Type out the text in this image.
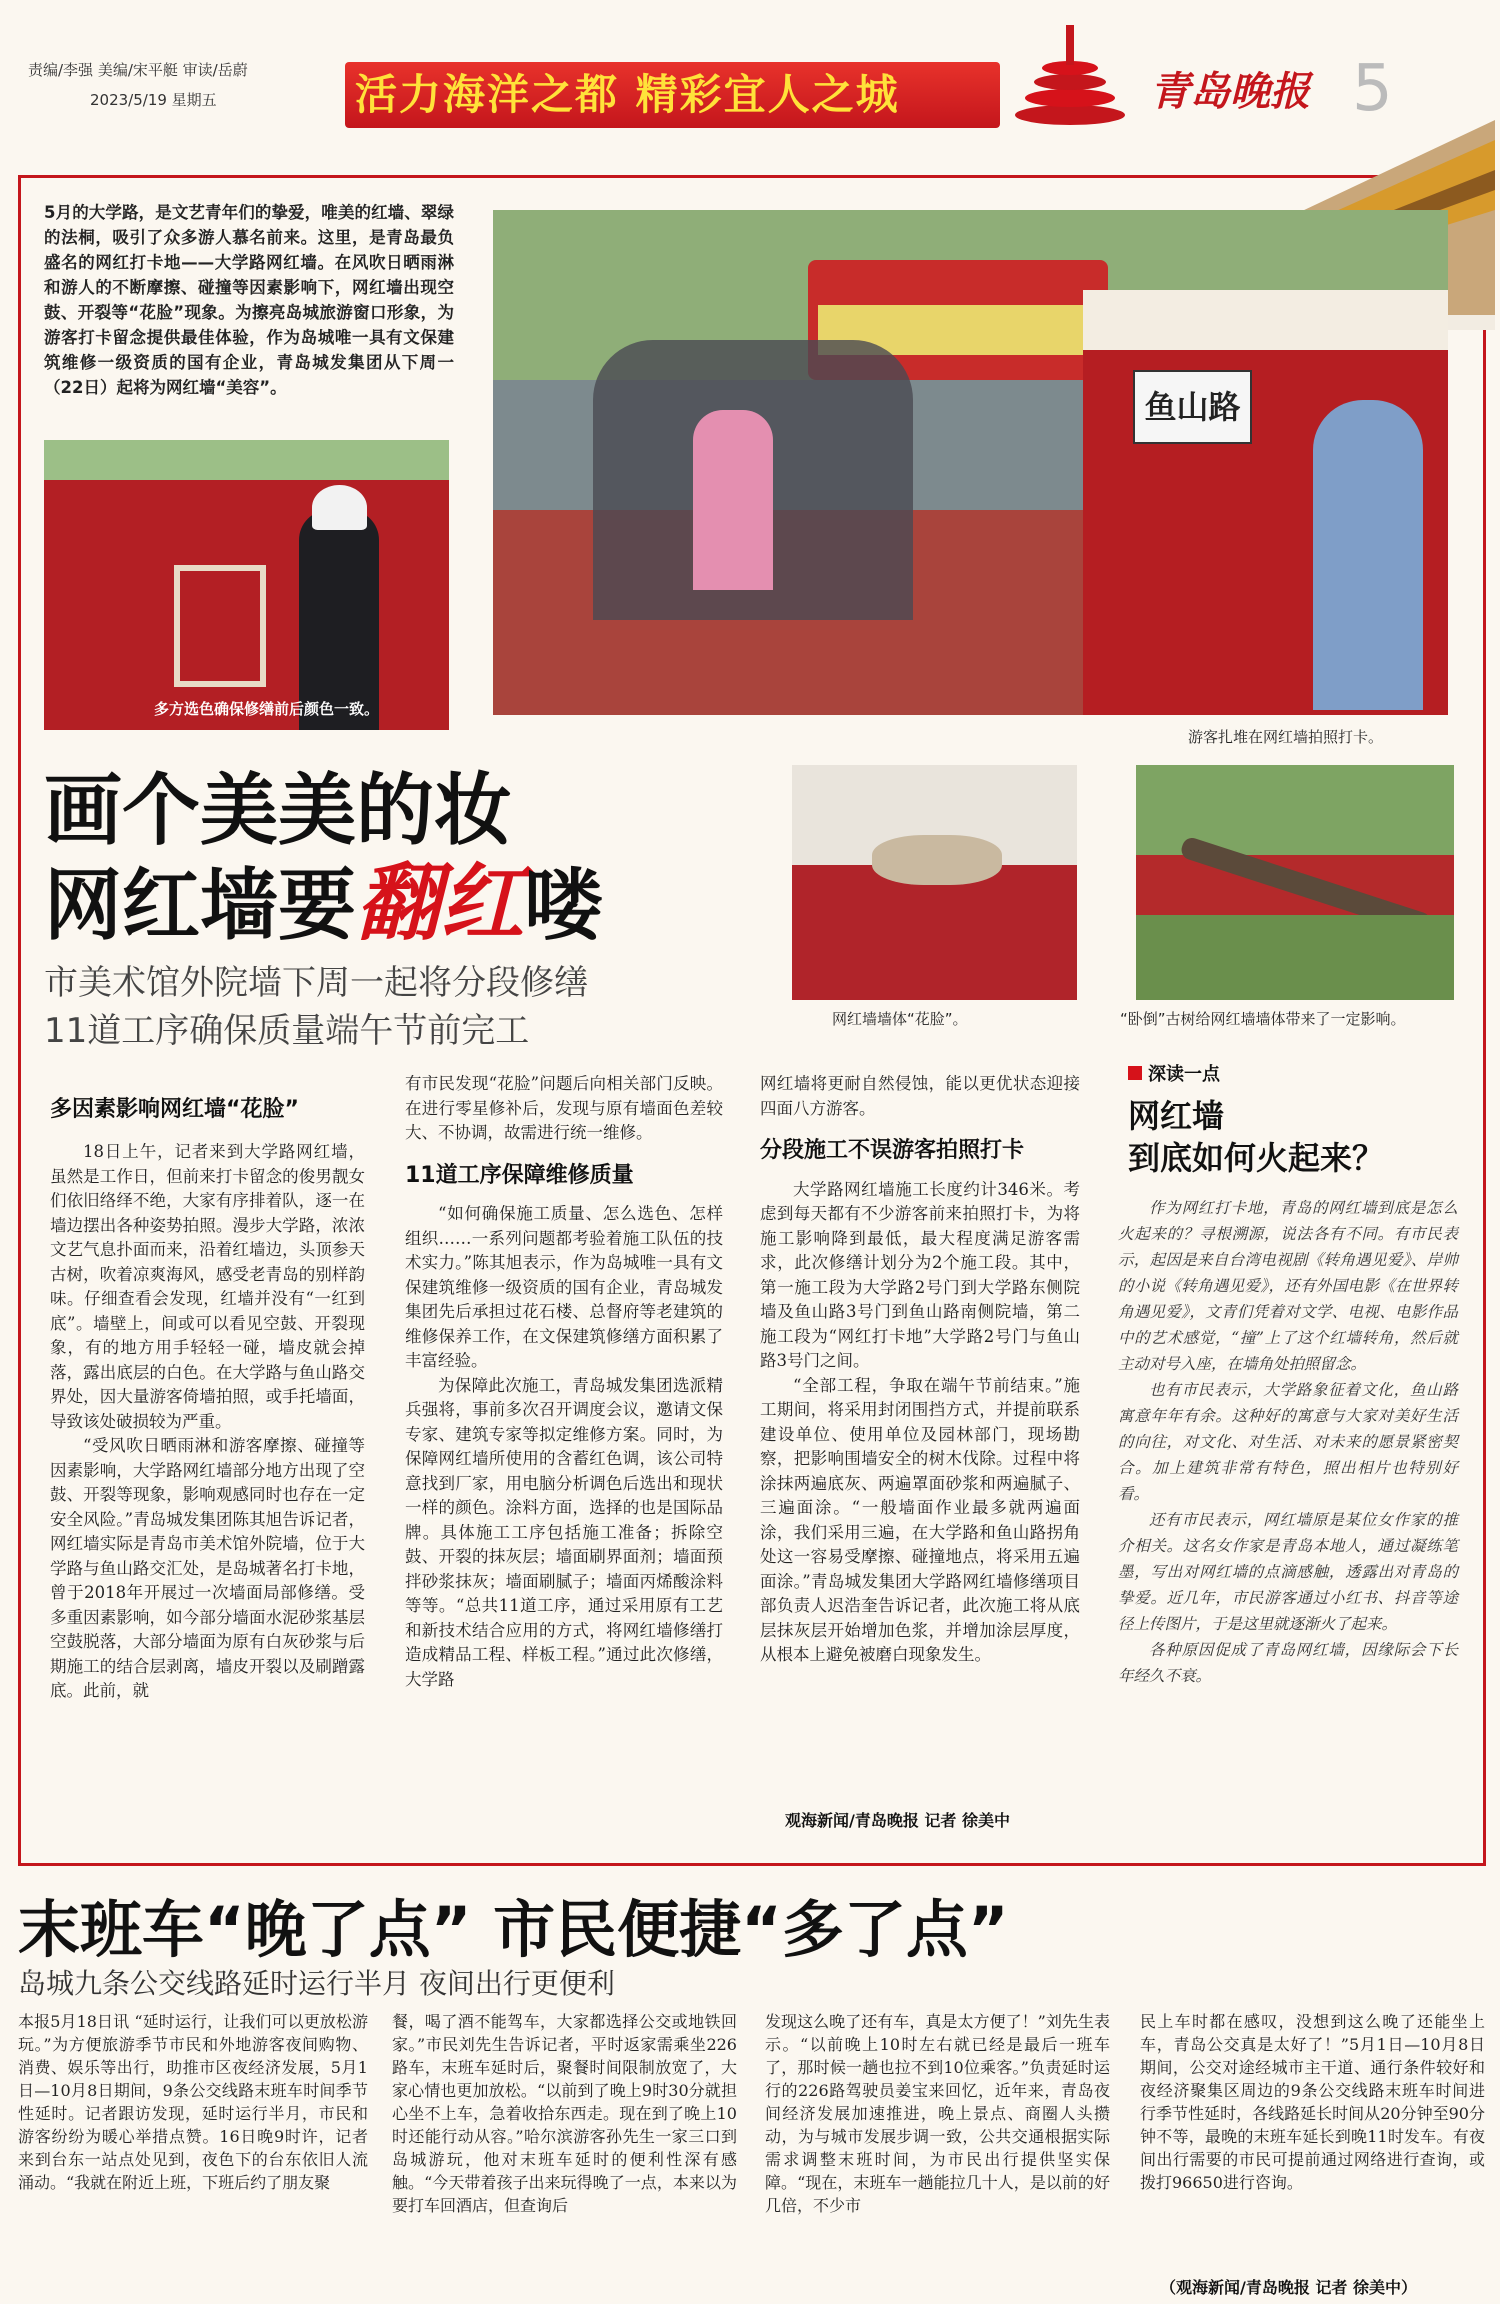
责编/李强 美编/宋平艇 审读/岳蔚
2023/5/19 星期五	活力海洋之都 精彩宜人之城	青岛晚报 5
5月的大学路，是文艺青年们的挚爱，唯美的红墙、翠绿的法桐，吸引了众多游人慕名前来。这里，是青岛最负盛名的网红打卡地——大学路网红墙。在风吹日晒雨淋和游人的不断摩擦、碰撞等因素影响下，网红墙出现空鼓、开裂等“花脸”现象。为擦亮岛城旅游窗口形象，为游客打卡留念提供最佳体验，作为岛城唯一具有文保建筑维修一级资质的国有企业，青岛城发集团从下周一（22日）起将为网红墙“美容”。
多方选色确保修缮前后颜色一致。
鱼山路
游客扎堆在网红墙拍照打卡。
画个美美的妆
网红墙要翻红喽
市美术馆外院墙下周一起将分段修缮
11道工序确保质量端午节前完工	网红墙墙体“花脸”。	“卧倒”古树给网红墙墙体带来了一定影响。
多因素影响网红墙“花脸”

18日上午，记者来到大学路网红墙，虽然是工作日，但前来打卡留念的俊男靓女们依旧络绎不绝，大家有序排着队，逐一在墙边摆出各种姿势拍照。漫步大学路，浓浓文艺气息扑面而来，沿着红墙边，头顶参天古树，吹着凉爽海风，感受老青岛的别样韵味。仔细查看会发现，红墙并没有“一红到底”。墙壁上，间或可以看见空鼓、开裂现象，有的地方用手轻轻一碰，墙皮就会掉落，露出底层的白色。在大学路与鱼山路交界处，因大量游客倚墙拍照，或手托墙面，导致该处破损较为严重。

“受风吹日晒雨淋和游客摩擦、碰撞等因素影响，大学路网红墙部分地方出现了空鼓、开裂等现象，影响观感同时也存在一定安全风险。”青岛城发集团陈其旭告诉记者，网红墙实际是青岛市美术馆外院墙，位于大学路与鱼山路交汇处，是岛城著名打卡地，曾于2018年开展过一次墙面局部修缮。受多重因素影响，如今部分墙面水泥砂浆基层空鼓脱落，大部分墙面为原有白灰砂浆与后期施工的结合层剥离，墙皮开裂以及刷蹭露底。此前，就

有市民发现“花脸”问题后向相关部门反映。在进行零星修补后，发现与原有墙面色差较大、不协调，故需进行统一维修。

11道工序保障维修质量

“如何确保施工质量、怎么选色、怎样组织……一系列问题都考验着施工队伍的技术实力。”陈其旭表示，作为岛城唯一具有文保建筑维修一级资质的国有企业，青岛城发集团先后承担过花石楼、总督府等老建筑的维修保养工作，在文保建筑修缮方面积累了丰富经验。

为保障此次施工，青岛城发集团选派精兵强将，事前多次召开调度会议，邀请文保专家、建筑专家等拟定维修方案。同时，为保障网红墙所使用的含蓄红色调，该公司特意找到厂家，用电脑分析调色后选出和现状一样的颜色。涂料方面，选择的也是国际品牌。具体施工工序包括施工准备；拆除空鼓、开裂的抹灰层；墙面刷界面剂；墙面预拌砂浆抹灰；墙面刷腻子；墙面丙烯酸涂料等等。“总共11道工序，通过采用原有工艺和新技术结合应用的方式，将网红墙修缮打造成精品工程、样板工程。”通过此次修缮，大学路

网红墙将更耐自然侵蚀，能以更优状态迎接四面八方游客。

分段施工不误游客拍照打卡

大学路网红墙施工长度约计346米。考虑到每天都有不少游客前来拍照打卡，为将施工影响降到最低，最大程度满足游客需求，此次修缮计划分为2个施工段。其中，第一施工段为大学路2号门到大学路东侧院墙及鱼山路3号门到鱼山路南侧院墙，第二施工段为“网红打卡地”大学路2号门与鱼山路3号门之间。

“全部工程，争取在端午节前结束。”施工期间，将采用封闭围挡方式，并提前联系建设单位、使用单位及园林部门，现场勘察，把影响围墙安全的树木伐除。过程中将涂抹两遍底灰、两遍罩面砂浆和两遍腻子、三遍面涂。“一般墙面作业最多就两遍面涂，我们采用三遍，在大学路和鱼山路拐角处这一容易受摩擦、碰撞地点，将采用五遍面涂。”青岛城发集团大学路网红墙修缮项目部负责人迟浩奎告诉记者，此次施工将从底层抹灰层开始增加色浆，并增加涂层厚度，从根本上避免被磨白现象发生。

观海新闻/青岛晚报 记者 徐美中
深读一点
网红墙
到底如何火起来？

作为网红打卡地，青岛的网红墙到底是怎么火起来的？寻根溯源，说法各有不同。有市民表示，起因是来自台湾电视剧《转角遇见爱》、岸帅的小说《转角遇见爱》，还有外国电影《在世界转角遇见爱》，文青们凭着对文学、电视、电影作品中的艺术感觉，“撞”上了这个红墙转角，然后就主动对号入座，在墙角处拍照留念。

也有市民表示，大学路象征着文化，鱼山路寓意年年有余。这种好的寓意与大家对美好生活的向往，对文化、对生活、对未来的愿景紧密契合。加上建筑非常有特色，照出相片也特别好看。

还有市民表示，网红墙原是某位女作家的推介相关。这名女作家是青岛本地人，通过凝练笔墨，写出对网红墙的点滴感触，透露出对青岛的挚爱。近几年，市民游客通过小红书、抖音等途径上传图片，于是这里就逐渐火了起来。

各种原因促成了青岛网红墙，因缘际会下长年经久不衰。

末班车“晚了点” 市民便捷“多了点”
岛城九条公交线路延时运行半月 夜间出行更便利
本报5月18日讯 “延时运行，让我们可以更放松游玩。”为方便旅游季节市民和外地游客夜间购物、消费、娱乐等出行，助推市区夜经济发展，5月1日—10月8日期间，9条公交线路末班车时间季节性延时。记者跟访发现，延时运行半月，市民和游客纷纷为暖心举措点赞。16日晚9时许，记者来到台东一站点处见到，夜色下的台东依旧人流涌动。“我就在附近上班，下班后约了朋友聚
餐，喝了酒不能驾车，大家都选择公交或地铁回家。”市民刘先生告诉记者，平时返家需乘坐226路车，末班车延时后，聚餐时间限制放宽了，大家心情也更加放松。“以前到了晚上9时30分就担心坐不上车，急着收拾东西走。现在到了晚上10时还能行动从容。”哈尔滨游客孙先生一家三口到岛城游玩，他对末班车延时的便利性深有感触。“今天带着孩子出来玩得晚了一点，本来以为要打车回酒店，但查询后
发现这么晚了还有车，真是太方便了！”刘先生表示。“以前晚上10时左右就已经是最后一班车了，那时候一趟也拉不到10位乘客。”负责延时运行的226路驾驶员姜宝来回忆，近年来，青岛夜间经济发展加速推进，晚上景点、商圈人头攒动，为与城市发展步调一致，公共交通根据实际需求调整末班时间，为市民出行提供坚实保障。“现在，末班车一趟能拉几十人，是以前的好几倍，不少市
民上车时都在感叹，没想到这么晚了还能坐上车，青岛公交真是太好了！”5月1日—10月8日期间，公交对途经城市主干道、通行条件较好和夜经济聚集区周边的9条公交线路末班车时间进行季节性延时，各线路延长时间从20分钟至90分钟不等，最晚的末班车延长到晚11时发车。有夜间出行需要的市民可提前通过网络进行查询，或拨打96650进行咨询。
（观海新闻/青岛晚报 记者 徐美中）
